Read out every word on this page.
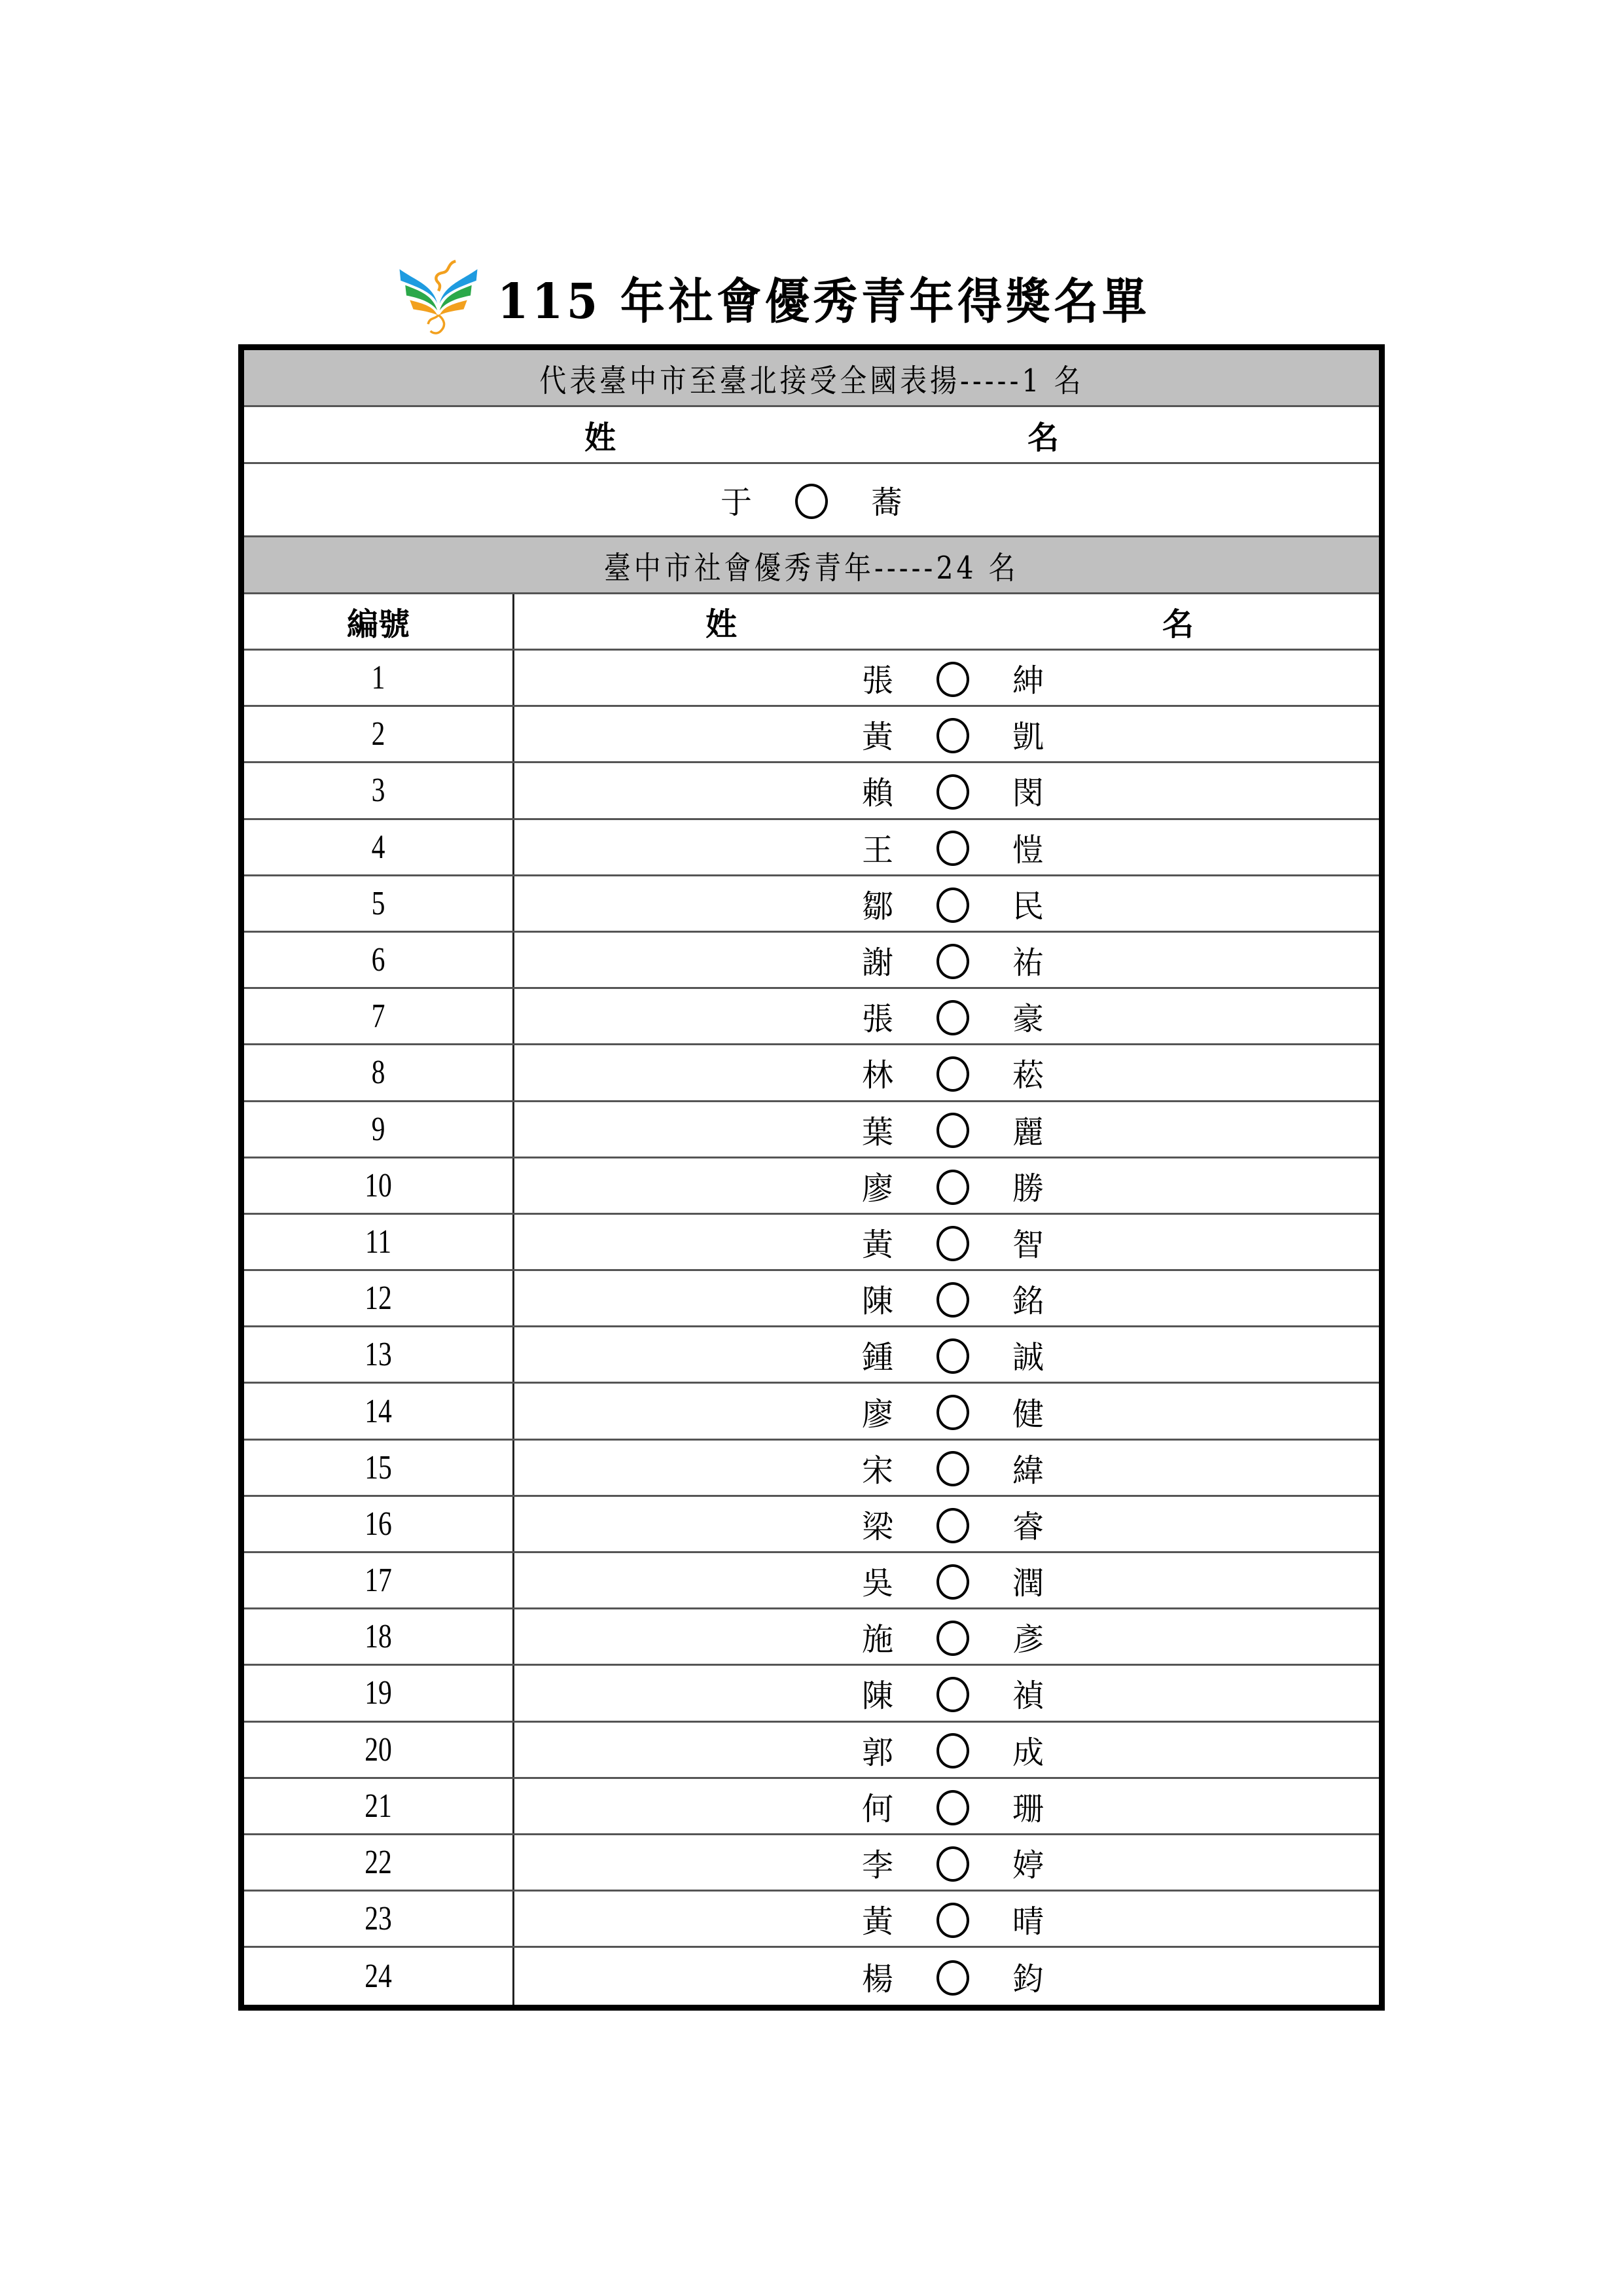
115 年社會優秀青年得獎名單
代表臺中市至臺北接受全國表揚-----1 名
姓	名
于	蕎
臺中市社會優秀青年-----24 名
編號	姓	名
1	張	紳
2	黃	凱
3	賴	閔
4	王	愷
5	鄒	民
6	謝	祐
7	張	豪
8	林	菘
9	葉	麗
10	廖	勝
11	黃	智
12	陳	銘
13	鍾	誠
14	廖	健
15	宋	緯
16	梁	睿
17	吳	潤
18	施	彥
19	陳	禎
20	郭	成
21	何	珊
22	李	婷
23	黃	晴
24	楊	鈞
